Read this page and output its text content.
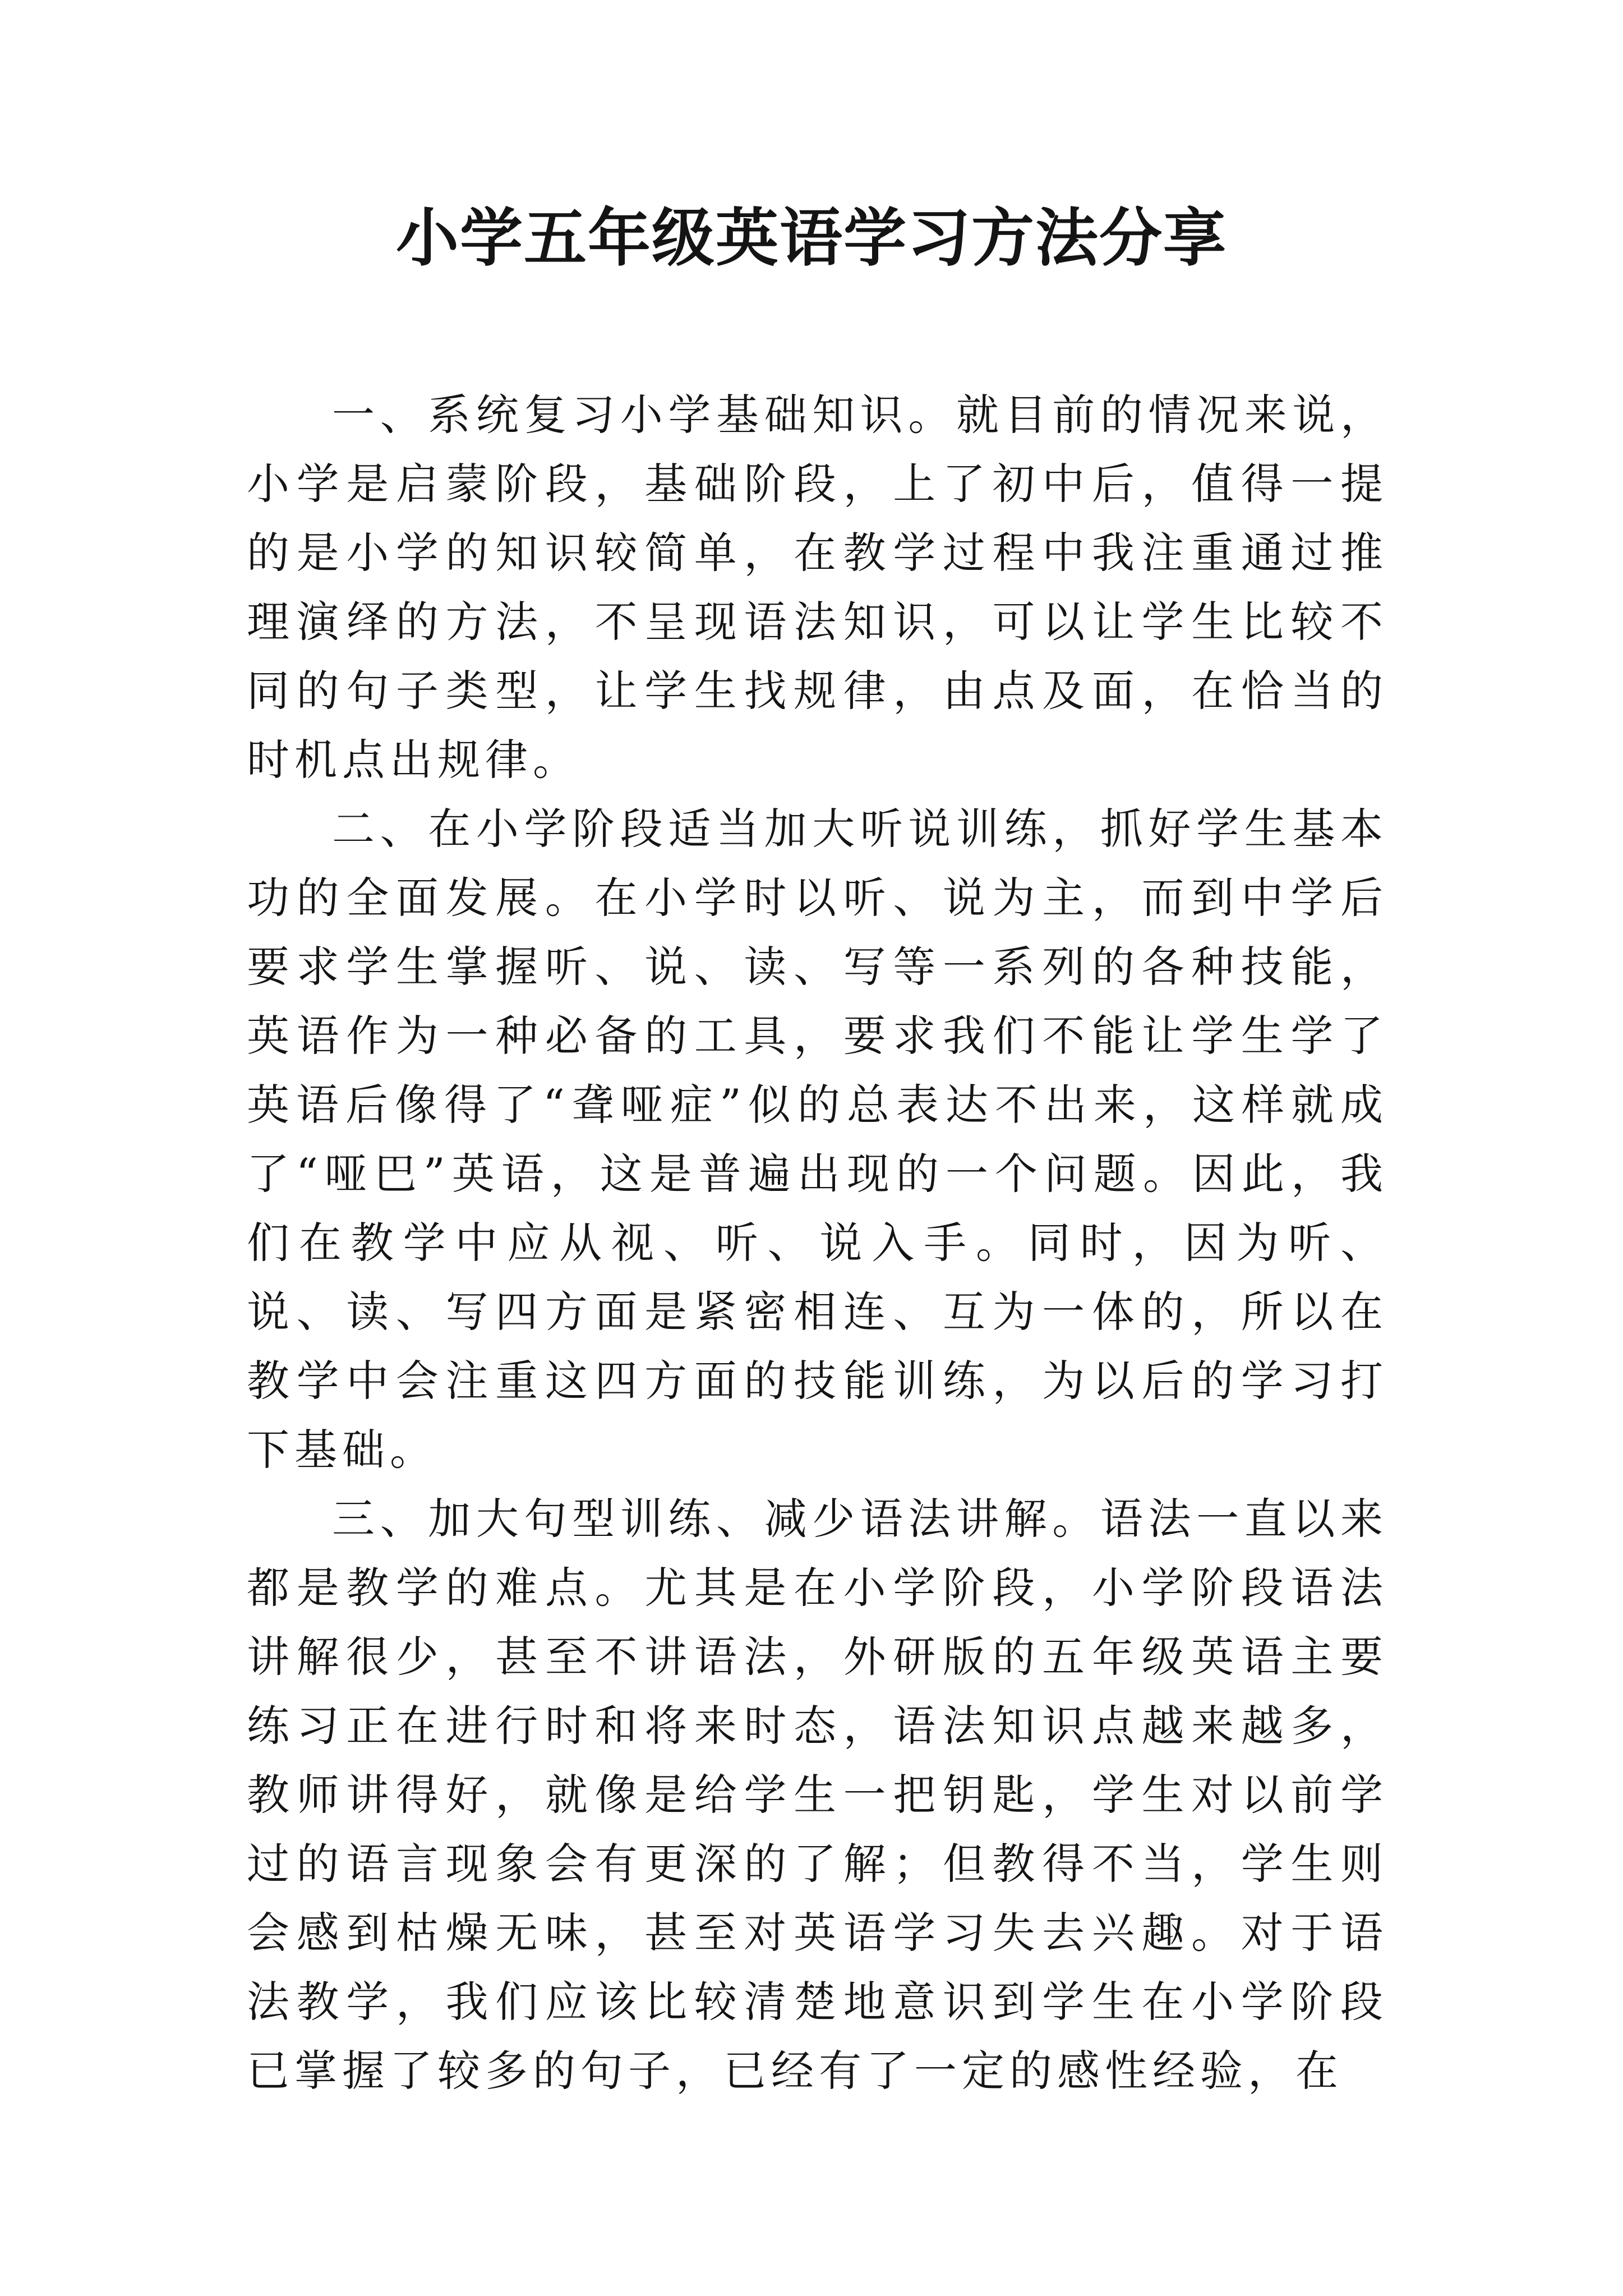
小学五年级英语学习方法分享

一、系统复习小学基础知识。就目前的情况来说，小学是启蒙阶段，基础阶段，上了初中后，值得一提的是小学的知识较简单，在教学过程中我注重通过推理演绎的方法，不呈现语法知识，可以让学生比较不同的句子类型，让学生找规律，由点及面，在恰当的时机点出规律。

二、在小学阶段适当加大听说训练，抓好学生基本功的全面发展。在小学时以听、说为主，而到中学后要求学生掌握听、说、读、写等一系列的各种技能，英语作为一种必备的工具，要求我们不能让学生学了英语后像得了“聋哑症”似的总表达不出来，这样就成了“哑巴”英语，这是普遍出现的一个问题。因此，我们在教学中应从视、听、说入手。同时，因为听、说、读、写四方面是紧密相连、互为一体的，所以在教学中会注重这四方面的技能训练，为以后的学习打下基础。

三、加大句型训练、减少语法讲解。语法一直以来都是教学的难点。尤其是在小学阶段，小学阶段语法讲解很少，甚至不讲语法，外研版的五年级英语主要练习正在进行时和将来时态，语法知识点越来越多，教师讲得好，就像是给学生一把钥匙，学生对以前学过的语言现象会有更深的了解；但教得不当，学生则会感到枯燥无味，甚至对英语学习失去兴趣。对于语法教学，我们应该比较清楚地意识到学生在小学阶段已掌握了较多的句子，已经有了一定的感性经验，在
